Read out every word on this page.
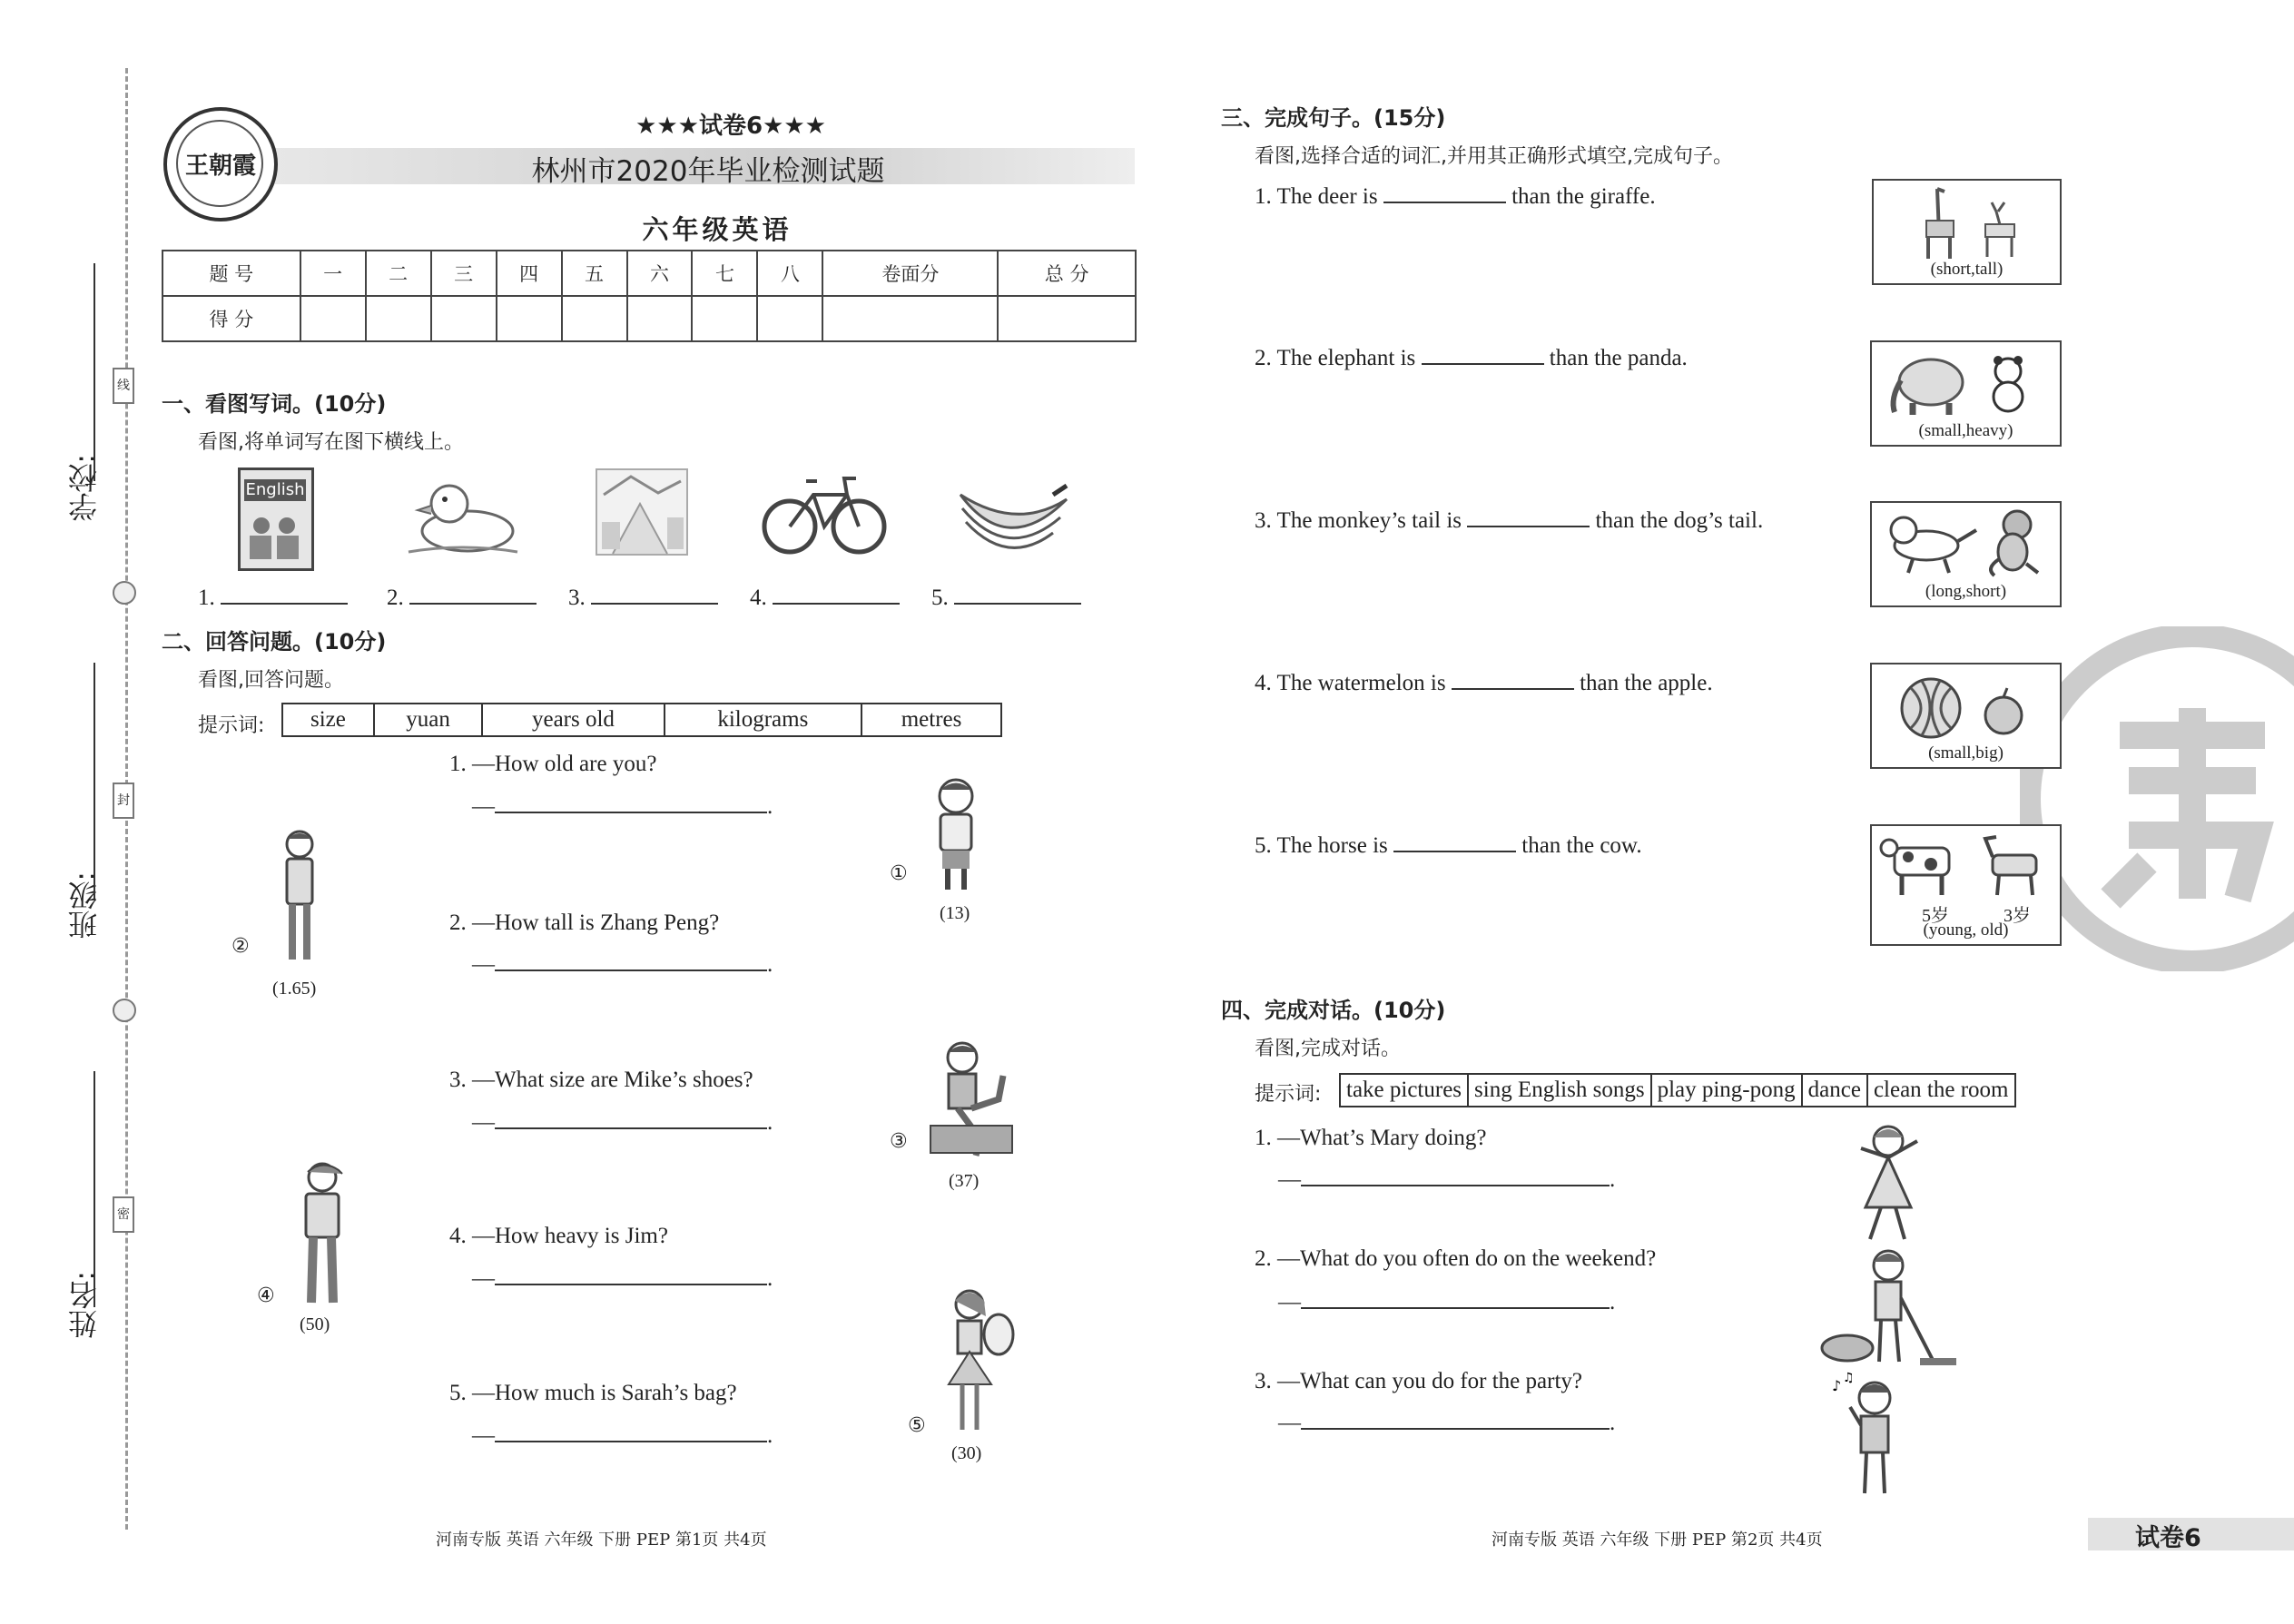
学校:
班级:
姓名:
线
封
密
王朝霞
★★★试卷6★★★
林州市2020年毕业检测试题
六年级英语
题 号	一	二	三	四	五	六	七	八	卷面分	总 分
得 分										
一、看图写词。(10分)
看图,将单词写在图下横线上。
English
1.	2.	3.	4.	5.
二、回答问题。(10分)
看图,回答问题。
提示词: size	yuan	years old	kilograms	metres
1. —How old are you?
—	.
2. —How tall is Zhang Peng?
—	.
3. —What size are Mike’s shoes?
—	.
4. —How heavy is Jim?
—	.
5. —How much is Sarah’s bag?
—	.
①
(13)
②
(1.65)
③
(37)
④
(50)
⑤
(30)
三、完成句子。(15分)
看图,选择合适的词汇,并用其正确形式填空,完成句子。
1. The deer is	than the giraffe.
2. The elephant is	than the panda.
3. The monkey’s tail is	than the dog’s tail.
4. The watermelon is	than the apple.
5. The horse is	than the cow.
(short,tall)
(small,heavy)
(long,short)
(small,big)
5岁	3岁
(young, old)
四、完成对话。(10分)
看图,完成对话。
提示词: take pictures	sing English songs	play ping-pong	dance	clean the room
1. —What’s Mary doing?
—	.
2. —What do you often do on the weekend?
—	.
3. —What can you do for the party?
—	.
♪ ♫
河南专版 英语 六年级 下册 PEP 第1页 共4页	河南专版 英语 六年级 下册 PEP 第2页 共4页	试卷6
